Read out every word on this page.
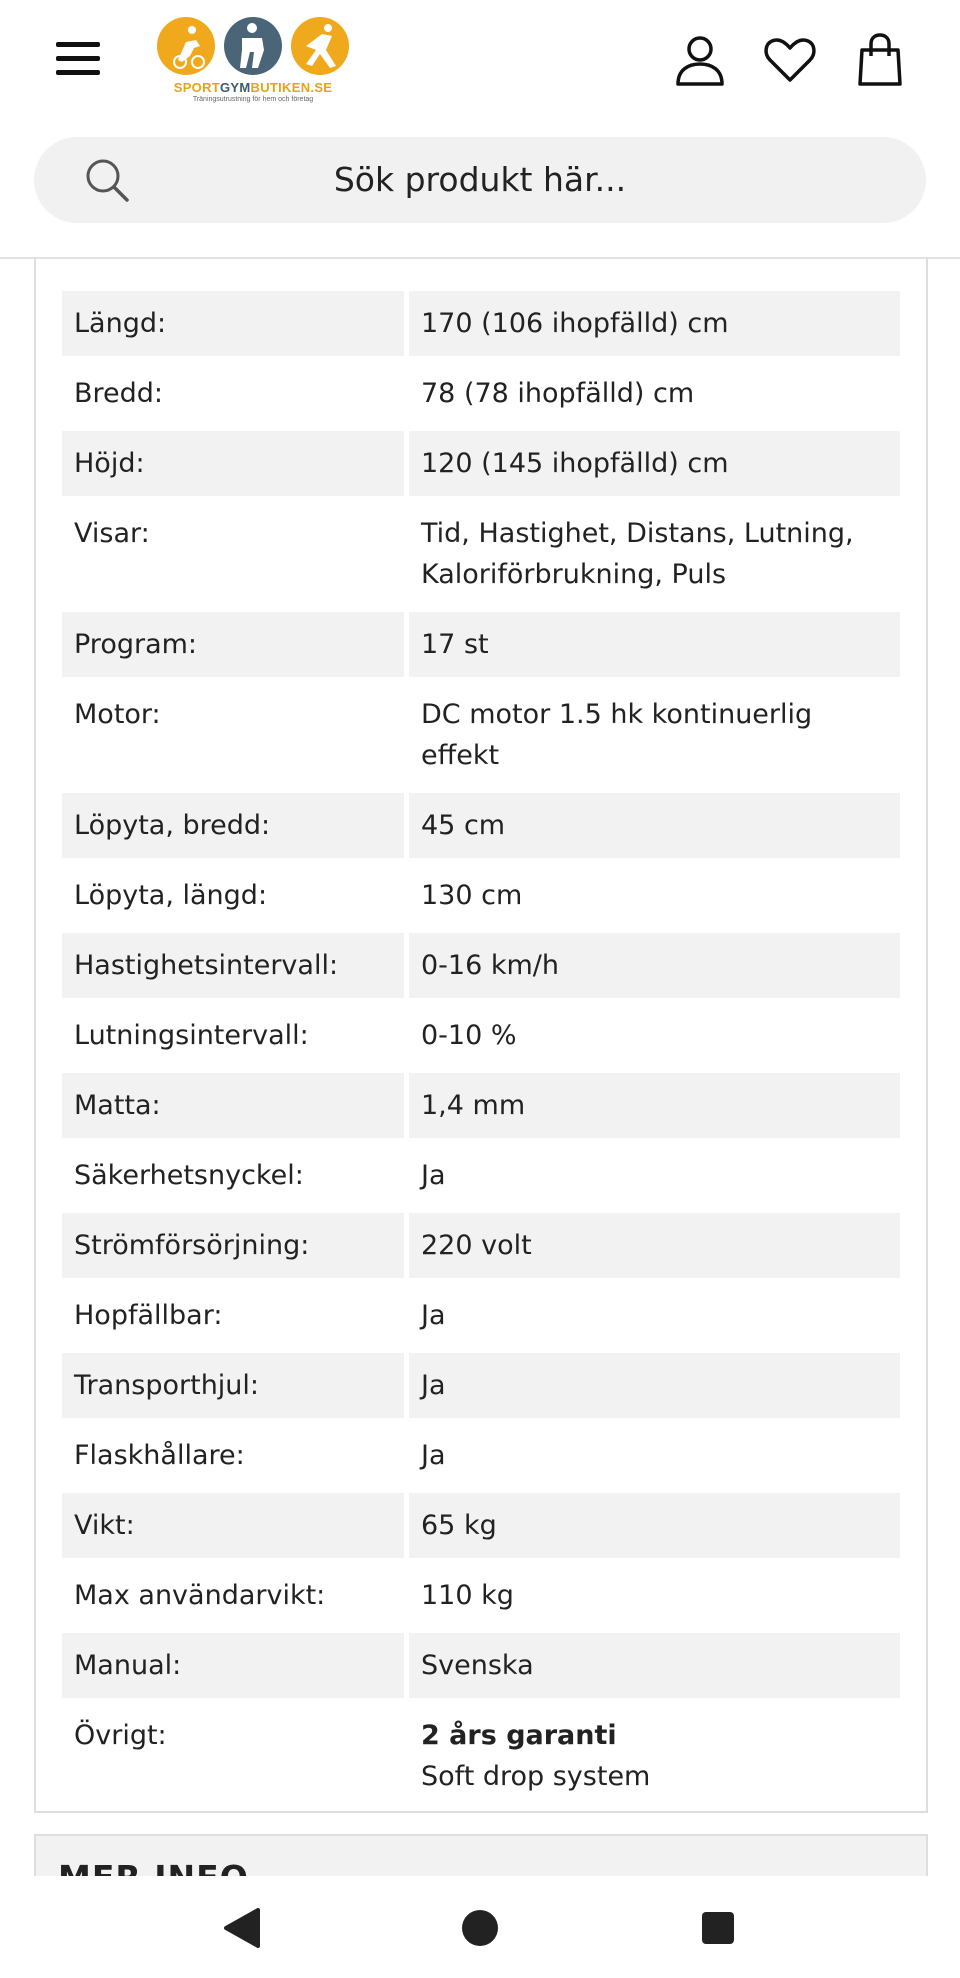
SPORTGYMBUTIKEN.SE
Träningsutrustning för hem och företag
Sök produkt här...
Längd:	170 (106 ihopfälld) cm
Bredd:	78 (78 ihopfälld) cm
Höjd:	120 (145 ihopfälld) cm
Visar:	Tid, Hastighet, Distans, Lutning, Kaloriförbrukning, Puls
Program:	17 st
Motor:	DC motor 1.5 hk kontinuerlig effekt
Löpyta, bredd:	45 cm
Löpyta, längd:	130 cm
Hastighetsintervall:	0-16 km/h
Lutningsintervall:	0-10 %
Matta:	1,4 mm
Säkerhetsnyckel:	Ja
Strömförsörjning:	220 volt
Hopfällbar:	Ja
Transporthjul:	Ja
Flaskhållare:	Ja
Vikt:	65 kg
Max användarvikt:	110 kg
Manual:	Svenska
Övrigt:	2 års garanti
Soft drop system
